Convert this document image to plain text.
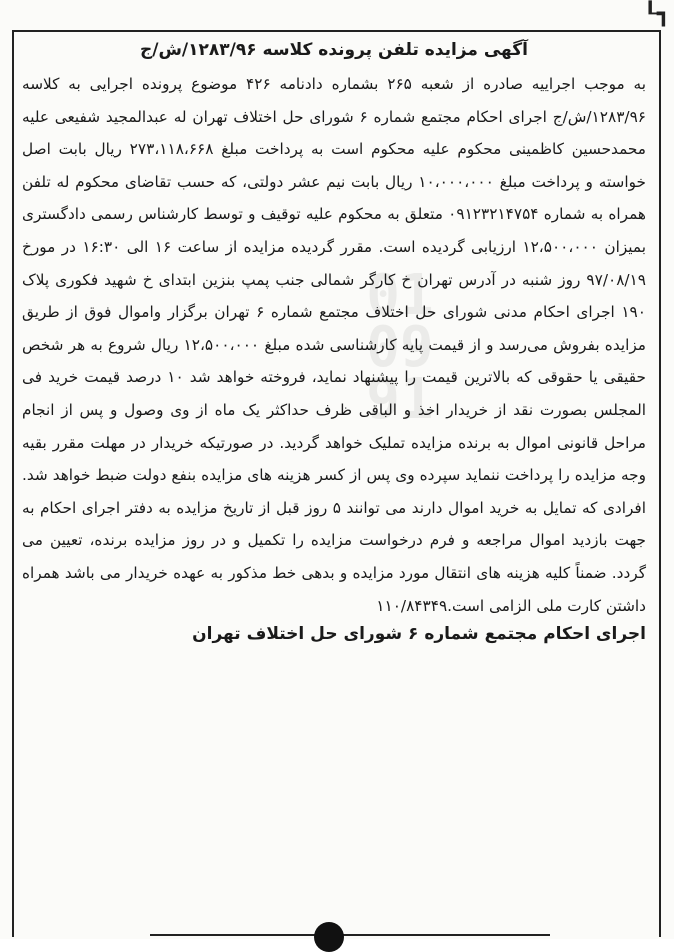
01
09
91
┖┓
آگهی مزایده تلفن پرونده کلاسه ۱۲۸۳/۹۶/ش/ج

به موجب اجراییه صادره از شعبه ۲۶۵ بشماره دادنامه ۴۲۶ موضوع پرونده اجرایی به کلاسه ۱۲۸۳/۹۶/ش/ج اجرای احکام مجتمع شماره ۶ شورای حل اختلاف تهران له عبدالمجید شفیعی علیه محمدحسین کاظمینی محکوم علیه محکوم است به پرداخت مبلغ ۲۷۳،۱۱۸،۶۶۸ ریال بابت اصل خواسته و پرداخت مبلغ ۱۰،۰۰۰،۰۰۰ ریال بابت نیم عشر دولتی، که حسب تقاضای محکوم له تلفن همراه به شماره ۰۹۱۲۳۲۱۴۷۵۴ متعلق به محکوم علیه توقیف و توسط کارشناس رسمی دادگستری بمیزان ۱۲،۵۰۰،۰۰۰ ارزیابی گردیده است. مقرر گردیده مزایده از ساعت ۱۶ الی ۱۶:۳۰ در مورخ ۹۷/۰۸/۱۹ روز شنبه در آدرس تهران خ کارگر شمالی جنب پمپ بنزین ابتدای خ شهید فکوری پلاک ۱۹۰ اجرای احکام مدنی شورای حل اختلاف مجتمع شماره ۶ تهران برگزار واموال فوق از طریق مزایده بفروش می‌رسد و از قیمت پایه کارشناسی شده مبلغ ۱۲،۵۰۰،۰۰۰ ریال شروع به هر شخص حقیقی یا حقوقی که بالاترین قیمت را پیشنهاد نماید، فروخته خواهد شد ۱۰ درصد قیمت خرید فی المجلس بصورت نقد از خریدار اخذ و الباقی ظرف حداکثر یک ماه از وی وصول و پس از انجام مراحل قانونی اموال به برنده مزایده تملیک خواهد گردید. در صورتیکه خریدار در مهلت مقرر بقیه وجه مزایده را پرداخت ننماید سپرده وی پس از کسر هزینه های مزایده بنفع دولت ضبط خواهد شد. افرادی که تمایل به خرید اموال دارند می توانند ۵ روز قبل از تاریخ مزایده به دفتر اجرای احکام به جهت بازدید اموال مراجعه و فرم درخواست مزایده را تکمیل و در روز مزایده برنده، تعیین می گردد. ضمناً کلیه هزینه های انتقال مورد مزایده و بدهی خط مذکور به عهده خریدار می باشد همراه داشتن کارت ملی الزامی است.۱۱۰/۸۴۳۴۹

اجرای احکام مجتمع شماره ۶ شورای حل اختلاف تهران
